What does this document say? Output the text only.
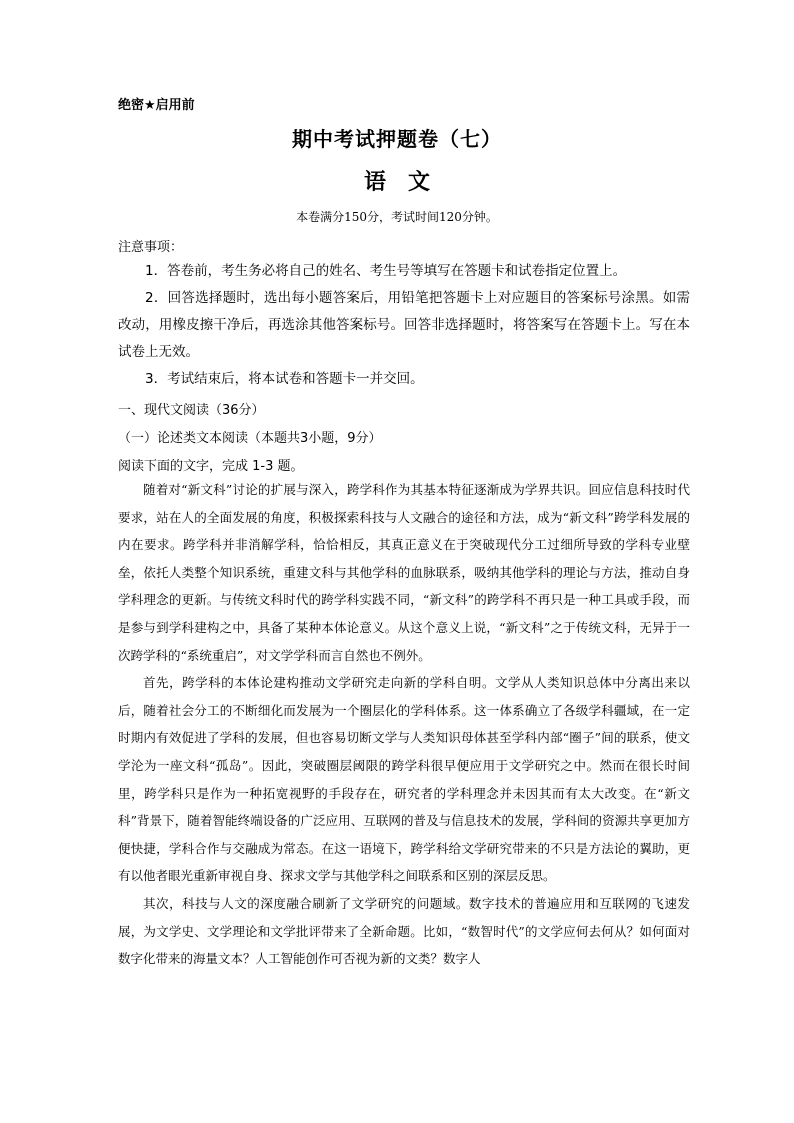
绝密★启用前
期中考试押题卷（七）
语 文
本卷满分150分，考试时间120分钟。
注意事项：

1．答卷前，考生务必将自己的姓名、考生号等填写在答题卡和试卷指定位置上。

2．回答选择题时，选出每小题答案后，用铅笔把答题卡上对应题目的答案标号涂黑。如需改动，用橡皮擦干净后，再选涂其他答案标号。回答非选择题时，将答案写在答题卡上。写在本试卷上无效。

3．考试结束后，将本试卷和答题卡一并交回。

一、现代文阅读（36分）
（一）论述类文本阅读（本题共3小题，9分）
阅读下面的文字，完成 1-3 题。

随着对“新文科”讨论的扩展与深入，跨学科作为其基本特征逐渐成为学界共识。回应信息科技时代要求，站在人的全面发展的角度，积极探索科技与人文融合的途径和方法，成为“新文科”跨学科发展的内在要求。跨学科并非消解学科，恰恰相反，其真正意义在于突破现代分工过细所导致的学科专业壁垒，依托人类整个知识系统，重建文科与其他学科的血脉联系，吸纳其他学科的理论与方法，推动自身学科理念的更新。与传统文科时代的跨学科实践不同，“新文科”的跨学科不再只是一种工具或手段，而是参与到学科建构之中，具备了某种本体论意义。从这个意义上说，“新文科”之于传统文科，无异于一次跨学科的“系统重启”，对文学学科而言自然也不例外。

首先，跨学科的本体论建构推动文学研究走向新的学科自明。文学从人类知识总体中分离出来以后，随着社会分工的不断细化而发展为一个圈层化的学科体系。这一体系确立了各级学科疆域，在一定时期内有效促进了学科的发展，但也容易切断文学与人类知识母体甚至学科内部“圈子”间的联系，使文学沦为一座文科“孤岛”。因此，突破圈层阈限的跨学科很早便应用于文学研究之中。然而在很长时间里，跨学科只是作为一种拓宽视野的手段存在，研究者的学科理念并未因其而有太大改变。在“新文科”背景下，随着智能终端设备的广泛应用、互联网的普及与信息技术的发展，学科间的资源共享更加方便快捷，学科合作与交融成为常态。在这一语境下，跨学科给文学研究带来的不只是方法论的翼助，更有以他者眼光重新审视自身、探求文学与其他学科之间联系和区别的深层反思。

其次，科技与人文的深度融合刷新了文学研究的问题域。数字技术的普遍应用和互联网的飞速发展，为文学史、文学理论和文学批评带来了全新命题。比如，“数智时代”的文学应何去何从？如何面对数字化带来的海量文本？人工智能创作可否视为新的文类？数字人
